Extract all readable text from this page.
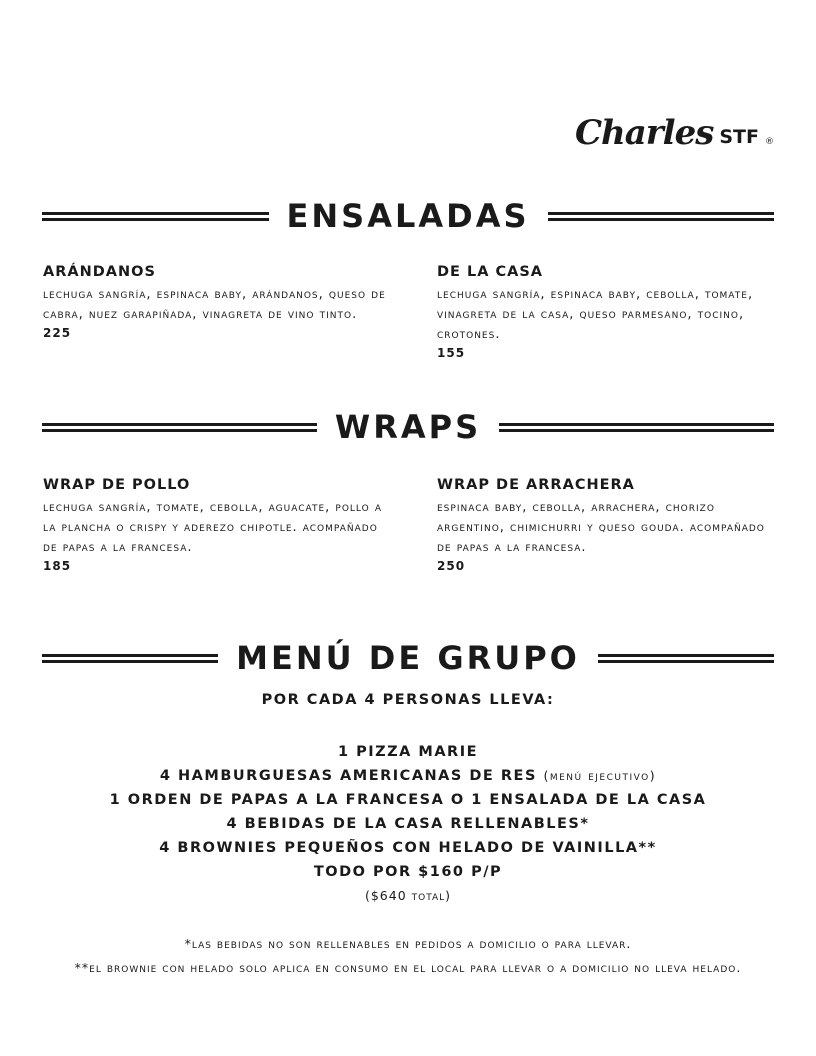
Charles STF ®
ENSALADAS

ARÁNDANOS

lechuga sangría, espinaca baby, arándanos, queso de cabra, nuez garapiñada, vinagreta de vino tinto.

225

DE LA CASA

lechuga sangría, espinaca baby, cebolla, tomate, vinagreta de la casa, queso parmesano, tocino, crotones.

155
WRAPS

WRAP DE POLLO

lechuga sangría, tomate, cebolla, aguacate, pollo a la plancha o crispy y aderezo chipotle. acompañado de papas a la francesa.

185

WRAP DE ARRACHERA

espinaca baby, cebolla, arrachera, chorizo argentino, chimichurri y queso gouda. acompañado de papas a la francesa.

250
MENÚ DE GRUPO
POR CADA 4 PERSONAS LLEVA:

1 PIZZA MARIE

4 HAMBURGUESAS AMERICANAS DE RES (menú ejecutivo)

1 ORDEN DE PAPAS A LA FRANCESA O 1 ENSALADA DE LA CASA

4 BEBIDAS DE LA CASA RELLENABLES*

4 BROWNIES PEQUEÑOS CON HELADO DE VAINILLA**

TODO POR $160 P/P

($640 total)

*las bebidas no son rellenables en pedidos a domicilio o para llevar.

**el brownie con helado solo aplica en consumo en el local para llevar o a domicilio no lleva helado.
